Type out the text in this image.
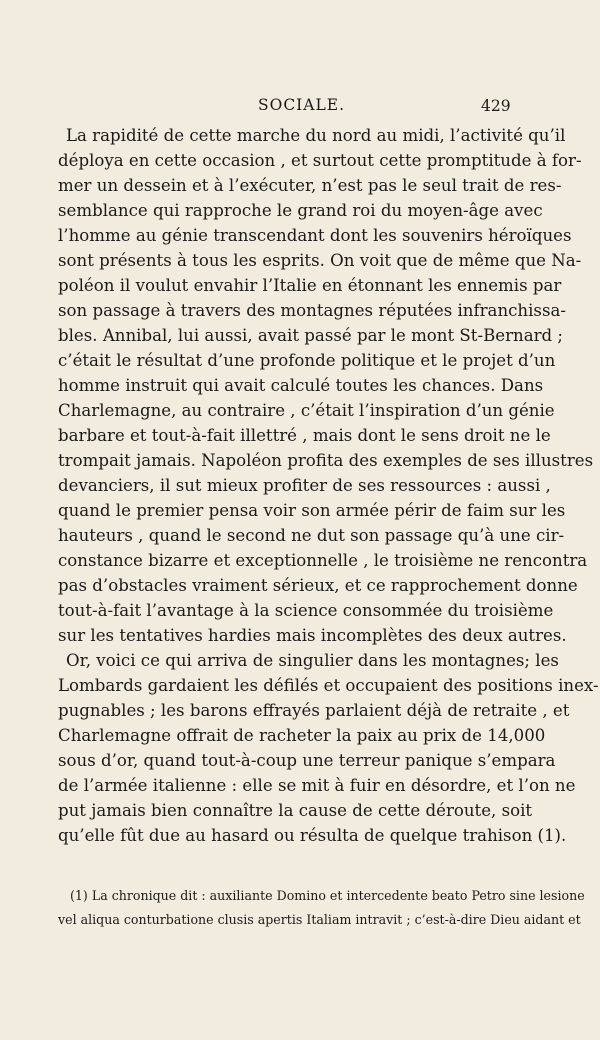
SOCIALE.	429
La rapidité de cette marche du nord au midi, l’activité qu’il
déploya en cette occasion , et surtout cette promptitude à for-
mer un dessein et à l’exécuter, n’est pas le seul trait de res-
semblance qui rapproche le grand roi du moyen-âge avec
l’homme au génie transcendant dont les souvenirs héroïques
sont présents à tous les esprits. On voit que de même que Na-
poléon il voulut envahir l’Italie en étonnant les ennemis par
son passage à travers des montagnes réputées infranchissa-
bles. Annibal, lui aussi, avait passé par le mont St-Bernard ;
c’était le résultat d’une profonde politique et le projet d’un
homme instruit qui avait calculé toutes les chances. Dans
Charlemagne, au contraire , c’était l’inspiration d’un génie
barbare et tout-à-fait illettré , mais dont le sens droit ne le
trompait jamais. Napoléon profita des exemples de ses illustres
devanciers, il sut mieux profiter de ses ressources : aussi ,
quand le premier pensa voir son armée périr de faim sur les
hauteurs , quand le second ne dut son passage qu’à une cir-
constance bizarre et exceptionnelle , le troisième ne rencontra
pas d’obstacles vraiment sérieux, et ce rapprochement donne
tout-à-fait l’avantage à la science consommée du troisième
sur les tentatives hardies mais incomplètes des deux autres.
Or, voici ce qui arriva de singulier dans les montagnes; les
Lombards gardaient les défilés et occupaient des positions inex-
pugnables ; les barons effrayés parlaient déjà de retraite , et
Charlemagne offrait de racheter la paix au prix de 14,000
sous d’or, quand tout-à-coup une terreur panique s’empara
de l’armée italienne : elle se mit à fuir en désordre, et l’on ne
put jamais bien connaître la cause de cette déroute, soit
qu’elle fût due au hasard ou résulta de quelque trahison (1).
(1) La chronique dit : auxiliante Domino et intercedente beato Petro sine lesione
vel aliqua conturbatione clusis apertis Italiam intravit ; c’est-à-dire Dieu aidant et
